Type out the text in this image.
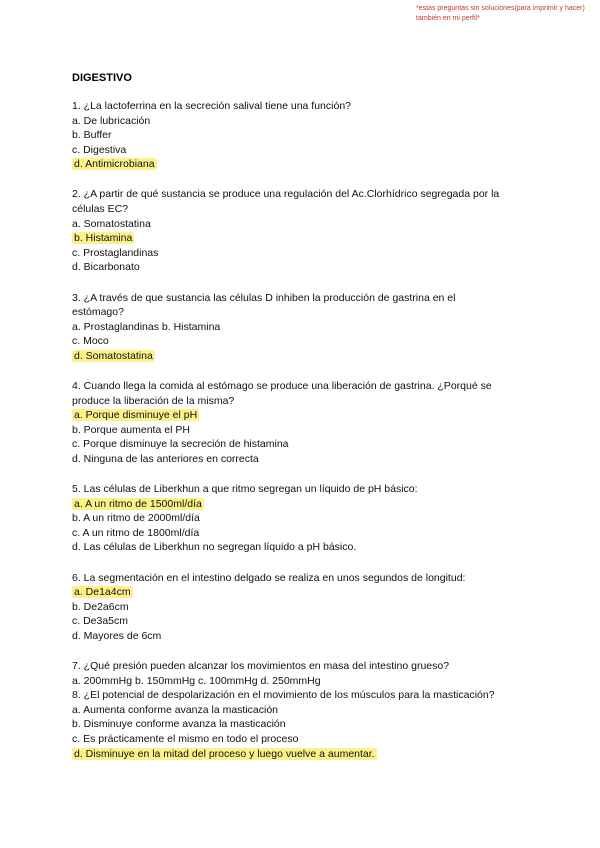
*estas preguntas sin soluciones(para imprimir y hacer) también en mi perfil*
DIGESTIVO
1. ¿La lactoferrina en la secreción salival tiene una función?
a. De lubricación
b. Buffer
c. Digestiva
d. Antimicrobiana
2. ¿A partir de qué sustancia se produce una regulación del Ac.Clorhídrico segregada por la
células EC?
a. Somatostatina
b. Histamina
c. Prostaglandinas
d. Bicarbonato
3. ¿A través de que sustancia las células D inhiben la producción de gastrina en el
estómago?
a. Prostaglandinas b. Histamina
c. Moco
d. Somatostatina
4. Cuando llega la comida al estómago se produce una liberación de gastrina. ¿Porqué se
produce la liberación de la misma?
a. Porque disminuye el pH
b. Porque aumenta el PH
c. Porque disminuye la secreción de histamina
d. Ninguna de las anteriores en correcta
5. Las células de Liberkhun a que ritmo segregan un líquido de pH básico:
a. A un ritmo de 1500ml/día
b. A un ritmo de 2000ml/día
c. A un ritmo de 1800ml/día
d. Las células de Liberkhun no segregan líquido a pH básico.
6. La segmentación en el intestino delgado se realiza en unos segundos de longitud:
a. De1a4cm
b. De2a6cm
c. De3a5cm
d. Mayores de 6cm
7. ¿Qué presión pueden alcanzar los movimientos en masa del intestino grueso?
a. 200mmHg b. 150mmHg c. 100mmHg d. 250mmHg
8. ¿El potencial de despolarización en el movimiento de los músculos para la masticación?
a. Aumenta conforme avanza la masticación
b. Disminuye conforme avanza la masticación
c. Es prácticamente el mismo en todo el proceso
d. Disminuye en la mitad del proceso y luego vuelve a aumentar.
